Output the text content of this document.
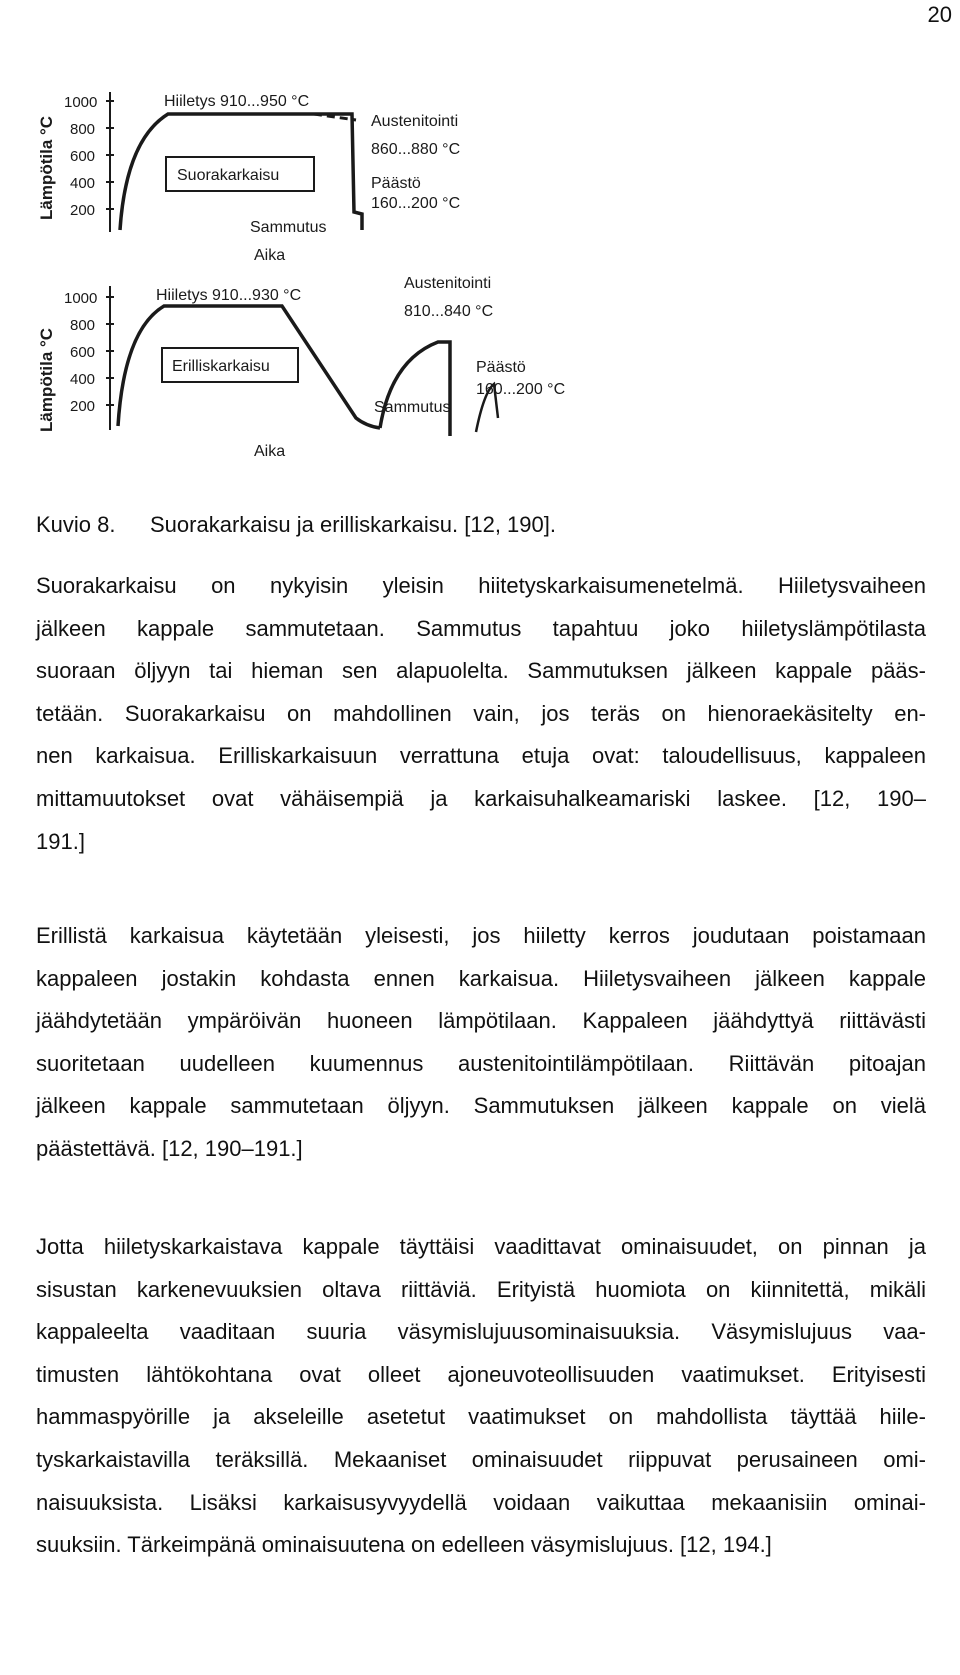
20
Lämpötila °C
1000
800
600
400
200
Hiiletys 910...950 °C
Suorakarkaisu
Austenitointi
860...880 °C
Päästö
160...200 °C
Sammutus
Aika
Lämpötila °C
1000
800
600
400
200
Hiiletys 910...930 °C
Erilliskarkaisu
Austenitointi
810...840 °C
Päästö
160...200 °C
Sammutus
Aika
Kuvio 8. Suorakarkaisu ja erilliskarkaisu. [12, 190].

Suorakarkaisu on nykyisin yleisin hiitetyskarkaisumenetelmä. Hiiletysvaiheen
jälkeen kappale sammutetaan. Sammutus tapahtuu joko hiiletyslämpötilasta
suoraan öljyyn tai hieman sen alapuolelta. Sammutuksen jälkeen kappale pääs-
tetään. Suorakarkaisu on mahdollinen vain, jos teräs on hienoraekäsitelty en-
nen karkaisua. Erilliskarkaisuun verrattuna etuja ovat: taloudellisuus, kappaleen
mittamuutokset ovat vähäisempiä ja karkaisuhalkeamariski laskee. [12, 190–
191.]

Erillistä karkaisua käytetään yleisesti, jos hiiletty kerros joudutaan poistamaan
kappaleen jostakin kohdasta ennen karkaisua. Hiiletysvaiheen jälkeen kappale
jäähdytetään ympäröivän huoneen lämpötilaan. Kappaleen jäähdyttyä riittävästi
suoritetaan uudelleen kuumennus austenitointilämpötilaan. Riittävän pitoajan
jälkeen kappale sammutetaan öljyyn. Sammutuksen jälkeen kappale on vielä
päästettävä. [12, 190–191.]

Jotta hiiletyskarkaistava kappale täyttäisi vaadittavat ominaisuudet, on pinnan ja
sisustan karkenevuuksien oltava riittäviä. Erityistä huomiota on kiinnitettä, mikäli
kappaleelta vaaditaan suuria väsymislujuusominaisuuksia. Väsymislujuus vaa-
timusten lähtökohtana ovat olleet ajoneuvoteollisuuden vaatimukset. Erityisesti
hammaspyörille ja akseleille asetetut vaatimukset on mahdollista täyttää hiile-
tyskarkaistavilla teräksillä. Mekaaniset ominaisuudet riippuvat perusaineen omi-
naisuuksista. Lisäksi karkaisusyvyydellä voidaan vaikuttaa mekaanisiin ominai-
suuksiin. Tärkeimpänä ominaisuutena on edelleen väsymislujuus. [12, 194.]
